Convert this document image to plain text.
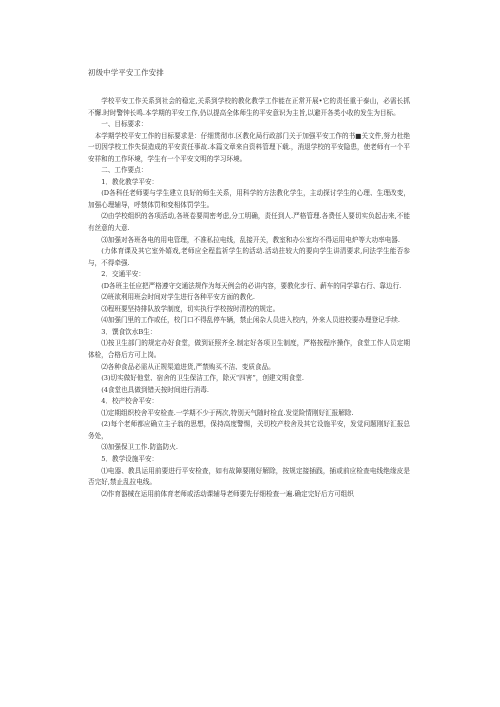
初级中学平安工作安排

学校平安工作关系到社会的稳定,关系到学校的教化教学工作能在正常开展•它的责任重于泰山，必需长抓不懈.时时警钟长鸣.本学期的平安工作,仍以提高全体师生的平安意识为主旨,以避开各类小收的发生为目标。

一、目标要求：

本学期学校平安工作的目标要求是：仔细贯彻市.区教化局行政部门关于加强平安工作的书■关文件,努力杜绝一切因学校工作失误造成的平安责任事故.本篇文章来自资料管理下载.，消退学校的平安隐患，使老师有一个平安祥和的工作环境，学生有一个平安文明的学习环境。

二、工作要点：

1．教化教学平安：

(D各科任老师要与学生建立良好的师生关系，用科学的方法教化学生，主动探讨学生的心理、生理改变，加强心理辅导，呼禁体罚和变相体罚学生。

⑵由学校组织的各项活动,各班卷要周密考虑,分工明确，责任到人.严格管理.各费任人要切实负起击来,不能有丝意的大意.

⑶加强对各班各电的用电管理，不准私拉电线，乱接开关，教室和办公室均不得运用电炉等大功率电器.

(力体育课及其它室外嬉戏,老师应全程监祈学生的活动.活动拄较大的要向学生讲清要求,问法学生能否参与，不得牵强.

2．交通平安：

(D各班主任应把严格遵守交通法规作为每天例会的必讲内容，要教化步行、薪车的同学靠右行、靠边行.

⑵班欲利用班会时间对学生进行各种平安方面的教化.

⑶程班要坚持排队放学制度，切实执行学校按时清校的规定。

⑷加强门里的工作或任，校门口不得乱停车辆，禁止闲杂人员进入校内，外来人员进校要办理登记手续.

3．馔食饮水B生：

⑴按卫生部门的规定办好食堂，做到证照齐全.制定好各项卫生制度，严格按程序操作，食堂工作人员定期体检，合格后方可上岗。

⑵各种食品必需从正规渠道进货,严禁购买不洁、变质食品。

(3)切实做好他堂、宿舍的卫生保洁工作，除灭“四害”，创建文明食堂.

(4食堂也具做到错天按时间进行消毒.

4．校产校舍平安：

⑴定期组织校舍平安检查.一学期不少于两次,特别天气随时检直.发觉险情刚好汇报解除.

(2)每个老师都应确立主子翁的思想，保持高度警惕，关切校产校舍及其它设施平安，发觉问题刚好汇报总务处，

⑶加强保卫工作.防盗防火.

5．教学设施平安：

⑴电器、教具运用前要进行平安检查，如有故障要刚好解除，按规定接插践，插或前应检查电线绝缘皮是否完好,禁止乱拉电线。

⑵作育器械在运用前体育老师或活动课辅导老师要先仔细检查一遍.确定完好后方可组织
